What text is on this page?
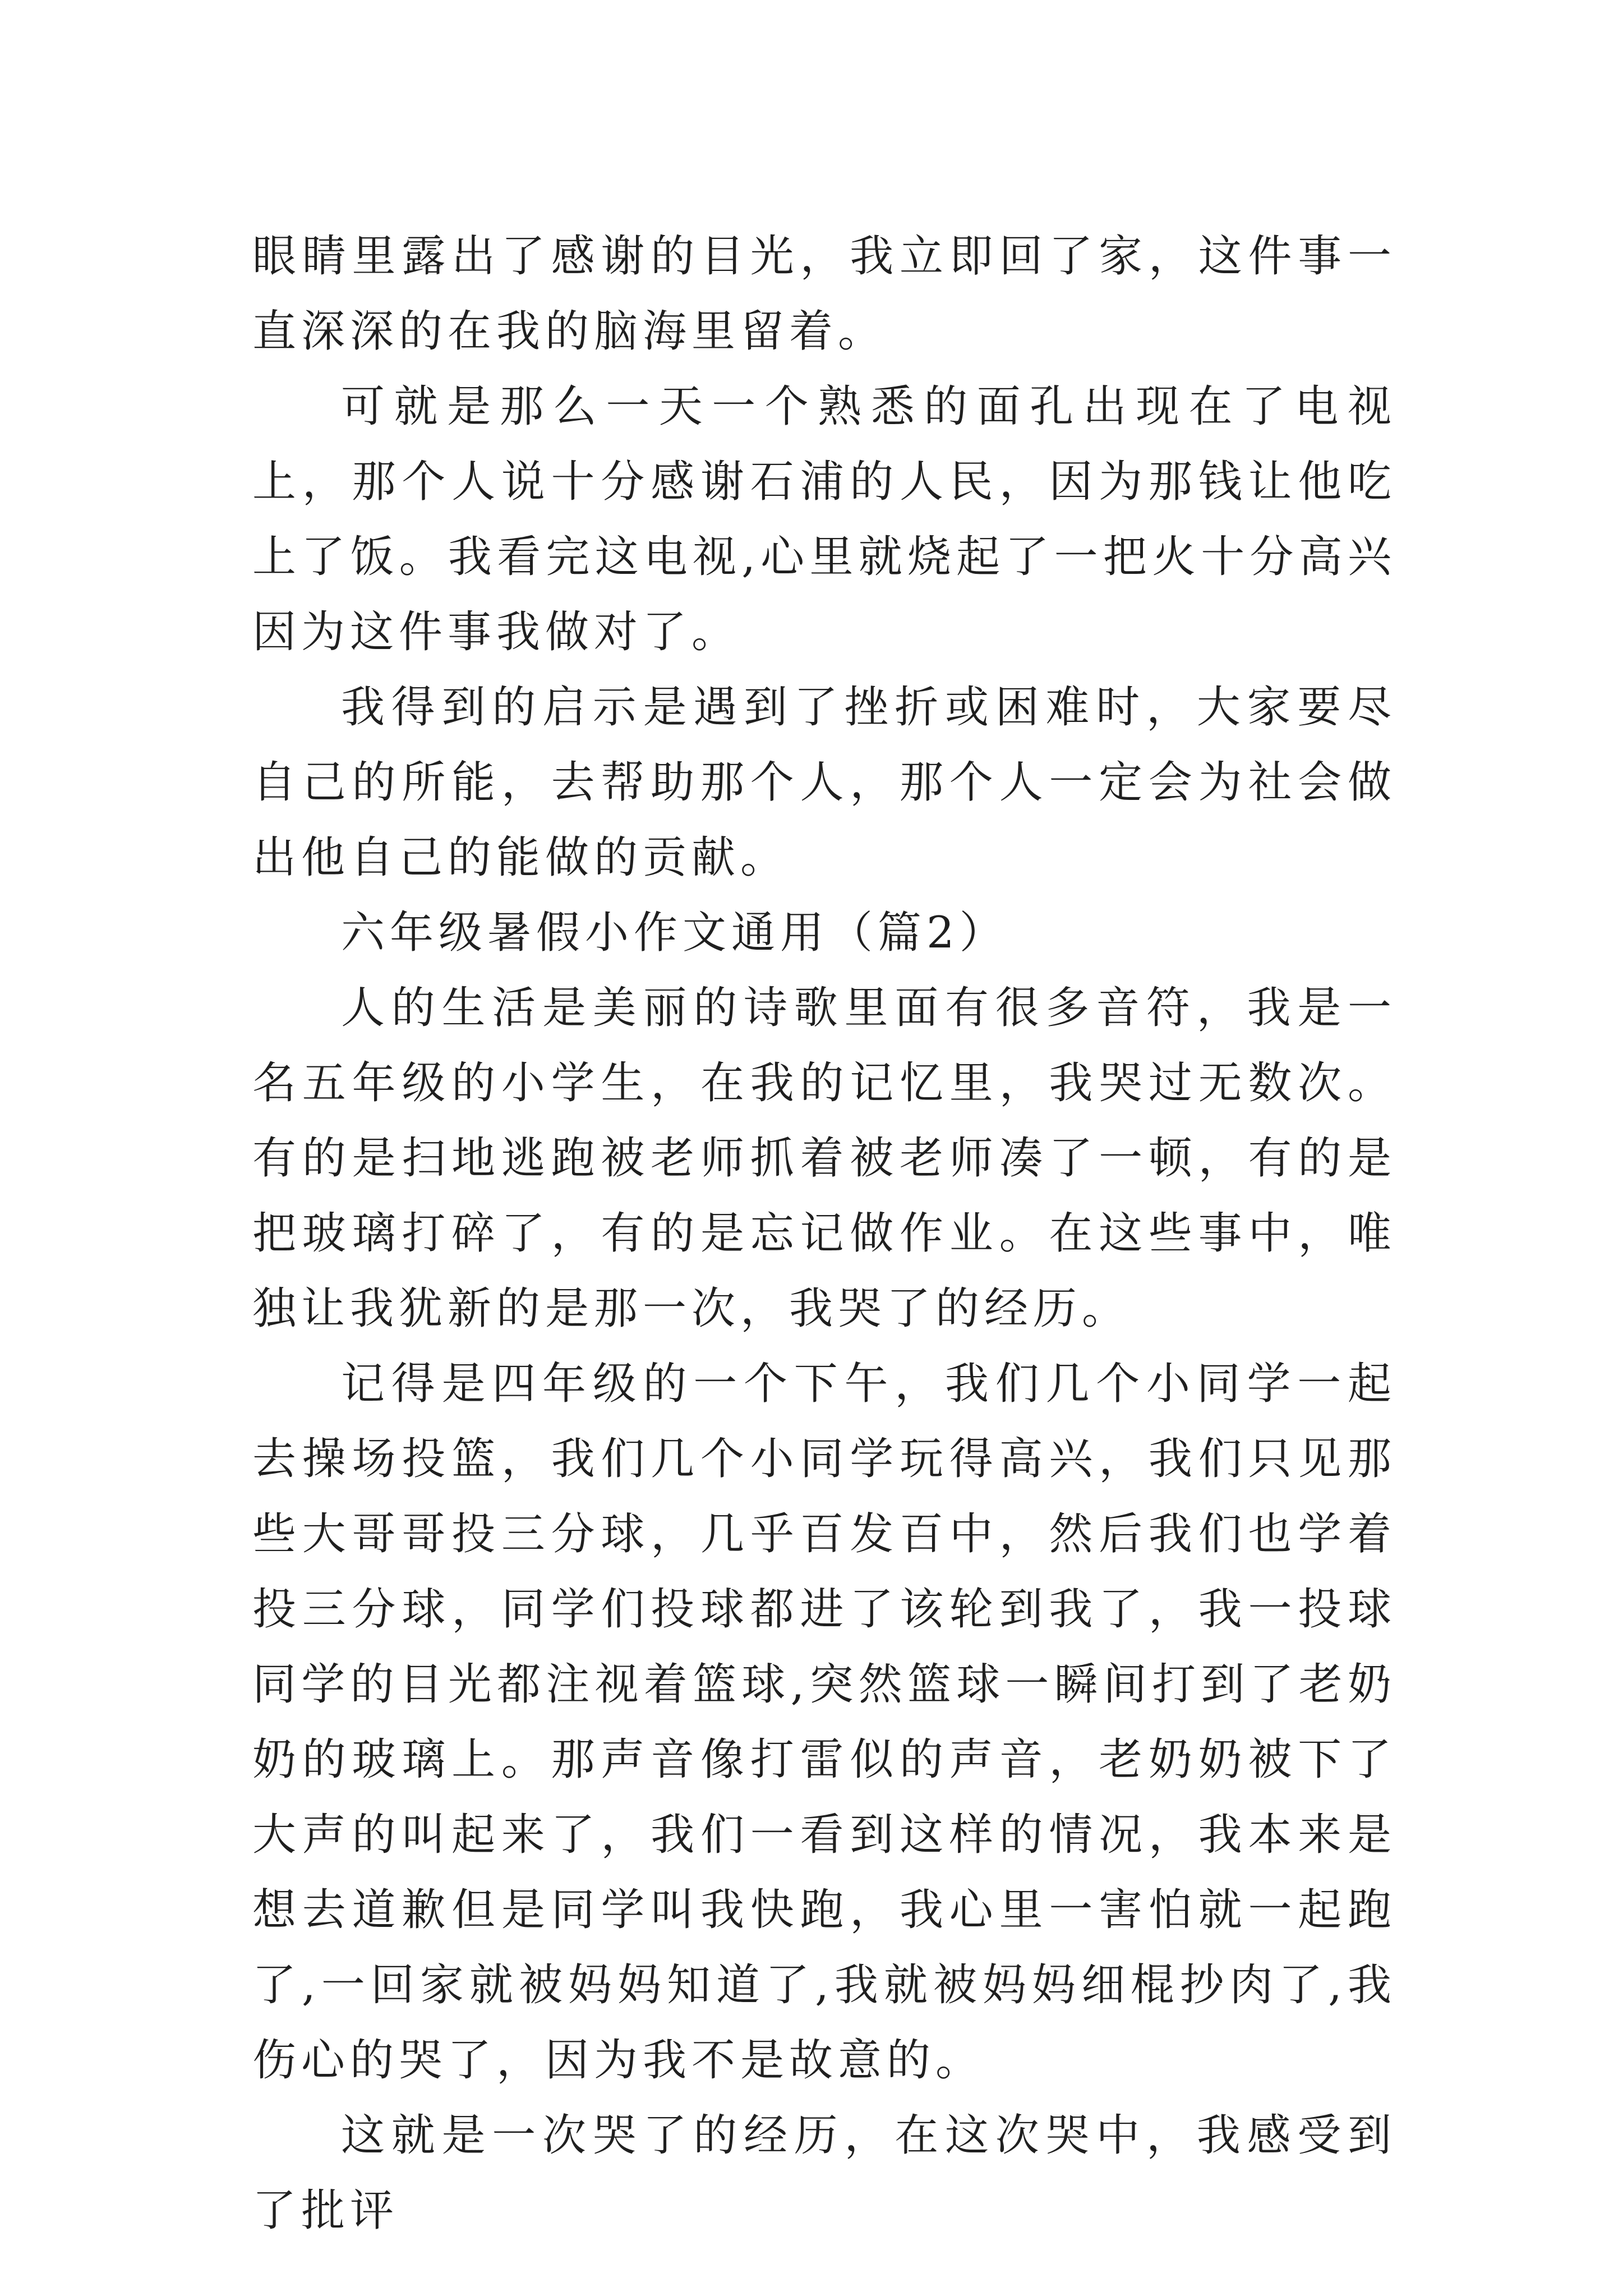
眼睛里露出了感谢的目光，我立即回了家，这件事一直深深的在我的脑海里留着。

可就是那么一天一个熟悉的面孔出现在了电视上，那个人说十分感谢石浦的人民，因为那钱让他吃上了饭。我看完这电视,心里就烧起了一把火十分高兴因为这件事我做对了。

我得到的启示是遇到了挫折或困难时，大家要尽自己的所能，去帮助那个人，那个人一定会为社会做出他自己的能做的贡献。

六年级暑假小作文通用（篇2）

人的生活是美丽的诗歌里面有很多音符，我是一名五年级的小学生，在我的记忆里，我哭过无数次。有的是扫地逃跑被老师抓着被老师凑了一顿，有的是把玻璃打碎了，有的是忘记做作业。在这些事中，唯独让我犹新的是那一次，我哭了的经历。

记得是四年级的一个下午，我们几个小同学一起去操场投篮，我们几个小同学玩得高兴，我们只见那些大哥哥投三分球，几乎百发百中，然后我们也学着投三分球，同学们投球都进了该轮到我了，我一投球同学的目光都注视着篮球,突然篮球一瞬间打到了老奶奶的玻璃上。那声音像打雷似的声音，老奶奶被下了大声的叫起来了，我们一看到这样的情况，我本来是想去道歉但是同学叫我快跑，我心里一害怕就一起跑了,一回家就被妈妈知道了,我就被妈妈细棍抄肉了,我伤心的哭了，因为我不是故意的。

这就是一次哭了的经历，在这次哭中，我感受到了批评
